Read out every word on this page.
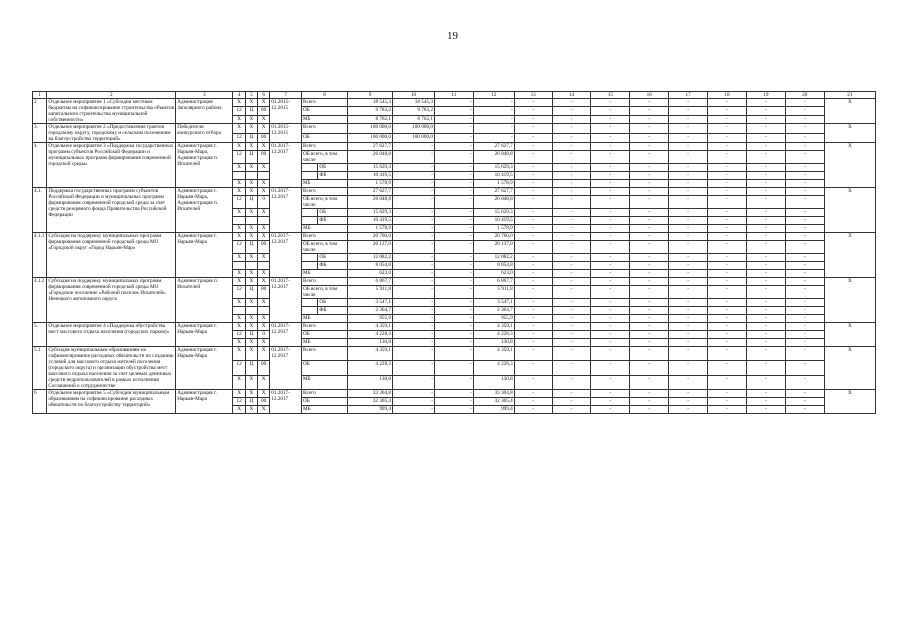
19
1	2	3	4	5	6	7	8		9	10	11	12	13	14	15	16	17	18	19	20	21
2	Отдельное мероприятие 1 «Субсидии местным бюджетам на софинансирование строительства объектов капитального строительства муниципальной собственности»	Администрация Заполярного района	X	X	X	01.2015-12.2015	Всего		18 545,3	18 545,3	-	-	-	-	-	-	-	-	-	-	X
			12	Ц	00		ОБ		9 783,2	9 783,2	-	-	-	-	-	-	-	-	-	-	
			X	X	X		МБ		8 762,1	8 762,1	-	-	-	-	-	-	-	-	-	-	
3.	Отдельное мероприятие 2 «Предоставление грантов городскому округу, городскому и сельским поселениям на благоустройство территорий»	Победители конкурсного отбора	X	X	X	01.2015-12.2015	Всего		100 000,0	100 000,0	-	-	-	-	-	-	-	-	-	-	X
			12	Ц	00		ОБ		100 000,0	100 000,0	-	-	-	-	-	-	-	-	-	-	
4	Отдельное мероприятие 3 «Поддержка государственных программ субъектов Российской Федерации и муниципальных программ формирования современной городской среды»	Администрация г. Нарьян-Мара, Администрация п. Искателей	X	X	X	01.2017-12.2017	Всего		27 627,7	-	-	27 627,7	-	-	-	-	-	-	-	-	X
			12	Ц	00		ОБ всего, в том числе		26 048,8	-	-	26 048,8	-	-	-	-	-	-	-	-	
			X	X	X			ОБ	15 629,3	-	-	15 629,3	-	-	-	-	-	-	-	-	
								ФБ	10 419,5	-	-	10 419,5	-	-	-	-	-	-	-	-	
			X	X	X		МБ		1 578,9	-	-	1 578,9	-	-	-	-	-	-	-	-	
4.1.	Поддержка государственных программ субъектов Российской Федерации и муниципальных программ формирования современной городской среды за счет средств резервного фонда Правительства Российской Федерации	Администрация г. Нарьян-Мара, Администрация п. Искателей	X	X	X	01.2017-12.2017	Всего		27 627,7	-	-	27 627,7	-	-	-	-	-	-	-	-	X
			12	Ц	0		ОБ всего, в том числе		26 048,8	-	-	26 048,8	-	-	-	-	-	-	-	-	
			X	X	X			ОБ	15 629,3	-	-	15 629,3	-	-	-	-	-	-	-	-	
								ФБ	10 419,5	-	-	10 419,5	-	-	-	-	-	-	-	-	
			X	X	X		МБ		1 578,9	-	-	1 578,9	-	-	-	-	-	-	-	-	
4.1.1	Субсидия на поддержку муниципальных программ формирования современной городской среды МО «Городской округ «Город Нарьян-Мар»	Администрация г. Нарьян-Мара	X	X	X	01.2017-12.2017	Всего		20 760,0	-	-	20 760,0	-	-	-	-	-	-	-	-	X
			12	Ц	00		ОБ всего, в том числе		20 137,0	-	-	20 137,0	-	-	-	-	-	-	-	-	
			X	X	X			ОБ	12 082,2	-	-	12 082,2	-	-	-	-	-	-	-	-	
								ФБ	8 054,8	-	-	8 054,8	-	-	-	-	-	-	-	-	
			X	X	X		МБ		623,0	-	-	623,0	-	-	-	-	-	-	-	-	
4.1.2	Субсидия на поддержку муниципальных программ формирования современной городской среды МО «Городское поселение «Рабочий поселок Искателей» Ненецкого автономного округа	Администрация п. Искателей	X	X	X	01.2017-12.2017	Всего		6 867,7	-	-	6 867,7	-	-	-	-	-	-	-	-	X
			12	Ц	00		ОБ всего, в том числе		5 911,8	-	-	5 911,8	-	-	-	-	-	-	-	-	
			X	X	X			ОБ	3 547,1	-	-	3 547,1	-	-	-	-	-	-	-	-	
								ФБ	2 364,7	-	-	2 364,7	-	-	-	-	-	-	-	-	
			X	X	X		МБ		955,9	-	-	955,9	-	-	-	-	-	-	-	-	
5.	Отдельное мероприятие 4 «Поддержка обустройства мест массового отдыха населения (городских парков)»	Администрация г. Нарьян-Мара	X	X	X	01.2017-12.2017	Всего		4 359,1	-	-	4 359,1	-	-	-	-	-	-	-	-	X
			12	Ц	0		ОБ		4 228,3	-	-	4 228,3	-	-	-	-	-	-	-	-	
			X	X	X		МБ		130,8	-	-	130,8	-	-	-	-	-	-	-	-	
5.1	Субсидия муниципальным образованиям на софинансирование расходных обязательств по созданию условий для массового отдыха жителей поселения (городского округа) и организации обустройства мест массового отдыха населения за счет целевых денежных средств недропользователей в рамках исполнения Соглашений о сотрудничестве	Администрация г. Нарьян-Мара	X	X	X	01.2017-12.2017	Всего		4 359,1	-	-	4 359,1	-	-	-	-	-	-	-	-	X
			12	Ц	00		ОБ		4 228,3	-	-	4 228,3	-	-	-	-	-	-	-	-	
			X	X	X		МБ		130,8	-	-	130,8	-	-	-	-	-	-	-	-	
6	Отдельное мероприятие 5 «Субсидии муниципальным образованиям на софинансирование расходных обязательств по благоустройству территорий»	Администрация г. Нарьян-Мара	X	X	X	01.2017-12.2017	Всего		33 304,8	-	-	33 304,8	-	-	-	-	-	-	-	-	X
			12	Ц	00		ОБ		32 305,4	-	-	32 305,4	-	-	-	-	-	-	-	-	
			X	X	X		МБ		999,4	-	-	999,4	-	-	-	-	-	-	-	-	
